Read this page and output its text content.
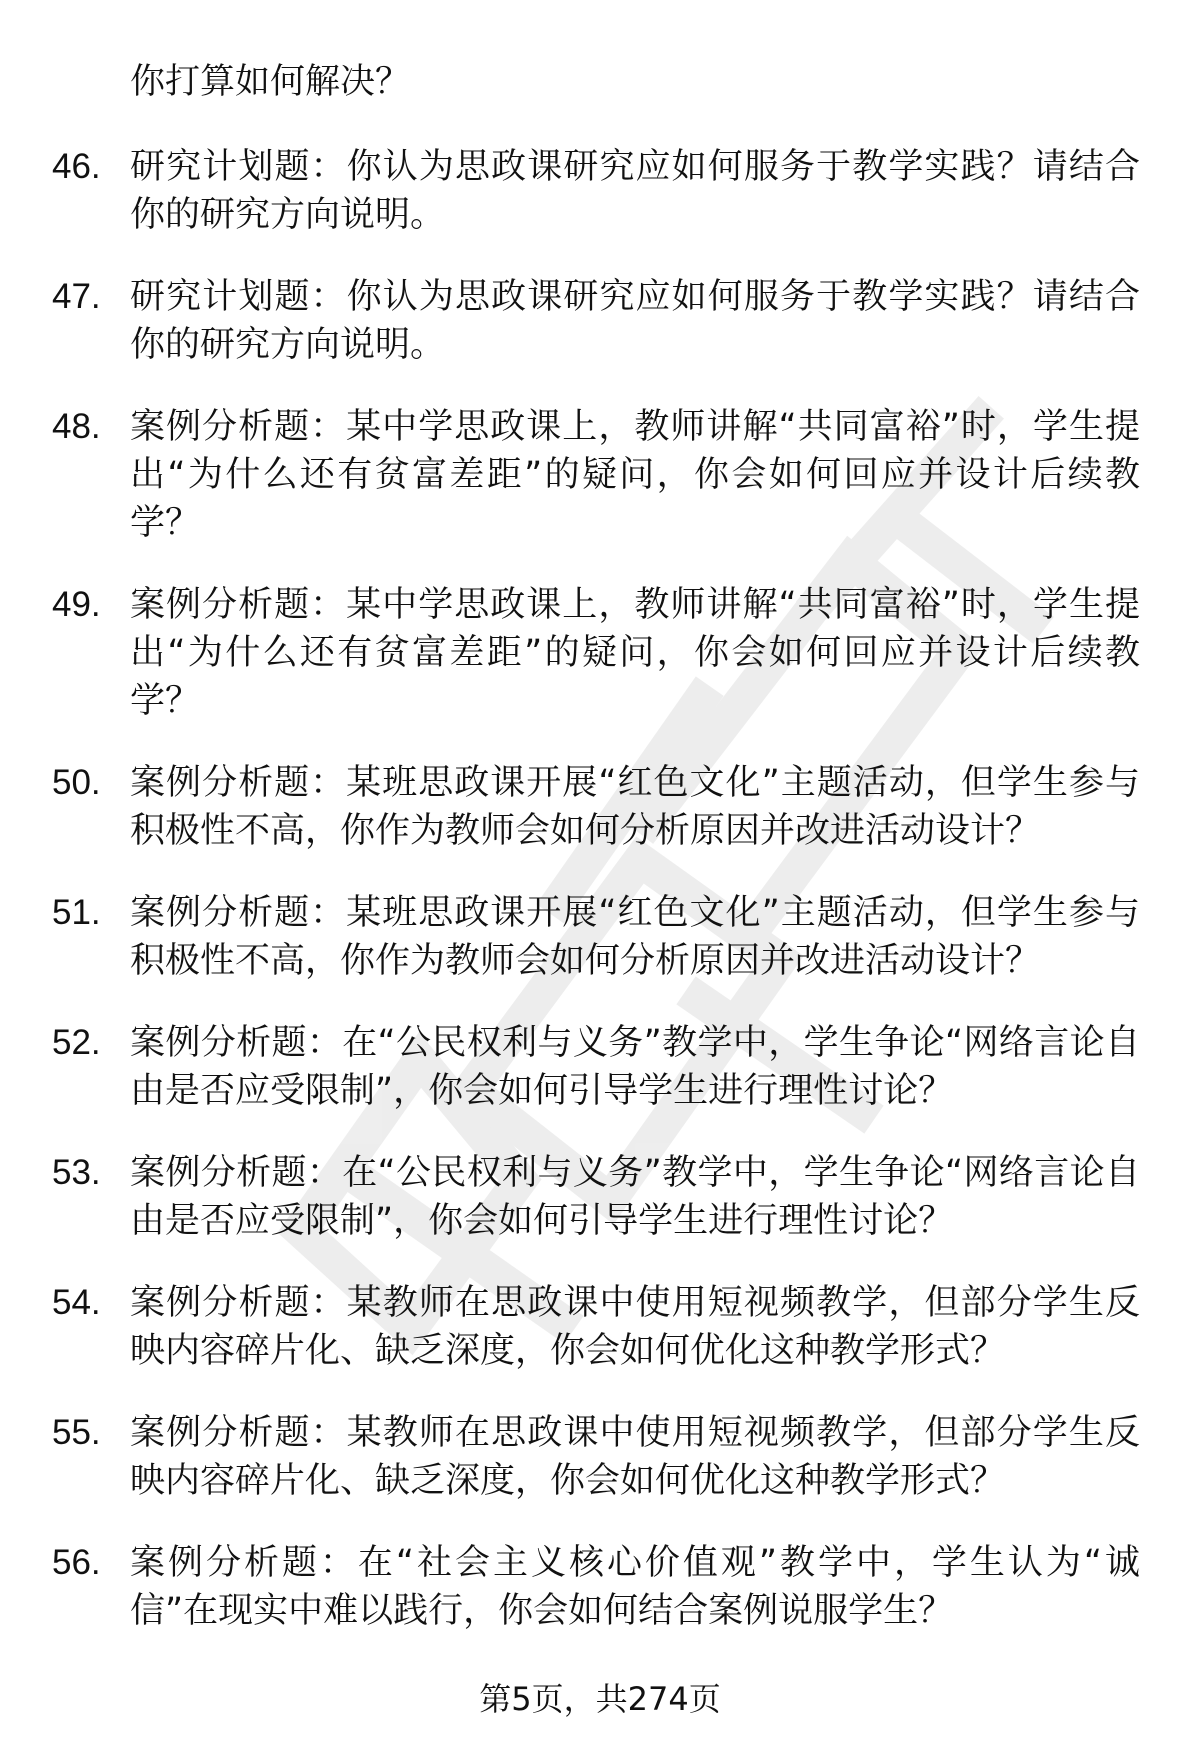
你打算如何解决？
46. 研究计划题：你认为思政课研究应如何服务于教学实践？请结合你的研究方向说明。
47. 研究计划题：你认为思政课研究应如何服务于教学实践？请结合你的研究方向说明。
48. 案例分析题：某中学思政课上，教师讲解“共同富裕”时，学生提出“为什么还有贫富差距”的疑问，你会如何回应并设计后续教学？
49. 案例分析题：某中学思政课上，教师讲解“共同富裕”时，学生提出“为什么还有贫富差距”的疑问，你会如何回应并设计后续教学？
50. 案例分析题：某班思政课开展“红色文化”主题活动，但学生参与积极性不高，你作为教师会如何分析原因并改进活动设计？
51. 案例分析题：某班思政课开展“红色文化”主题活动，但学生参与积极性不高，你作为教师会如何分析原因并改进活动设计？
52. 案例分析题：在“公民权利与义务”教学中，学生争论“网络言论自由是否应受限制”，你会如何引导学生进行理性讨论？
53. 案例分析题：在“公民权利与义务”教学中，学生争论“网络言论自由是否应受限制”，你会如何引导学生进行理性讨论？
54. 案例分析题：某教师在思政课中使用短视频教学，但部分学生反映内容碎片化、缺乏深度，你会如何优化这种教学形式？
55. 案例分析题：某教师在思政课中使用短视频教学，但部分学生反映内容碎片化、缺乏深度，你会如何优化这种教学形式？
56. 案例分析题：在“社会主义核心价值观”教学中，学生认为“诚信”在现实中难以践行，你会如何结合案例说服学生？
第5页，共274页
